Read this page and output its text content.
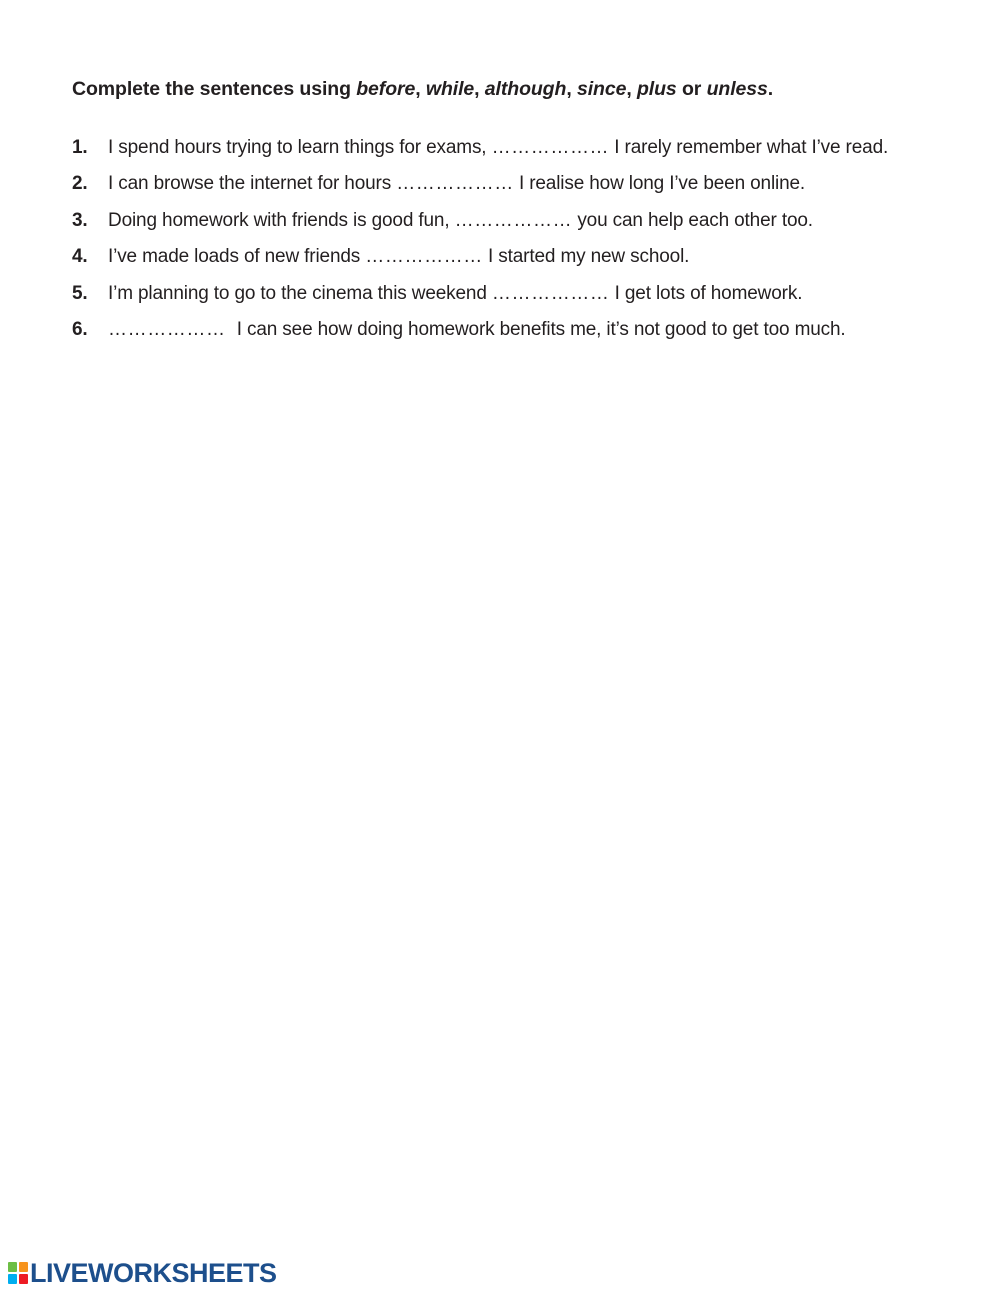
Complete the sentences using before, while, although, since, plus or unless.
1. I spend hours trying to learn things for exams, ……………… I rarely remember what I’ve read.
2. I can browse the internet for hours ……………… I realise how long I’ve been online.
3. Doing homework with friends is good fun, ……………… you can help each other too.
4. I’ve made loads of new friends ……………… I started my new school.
5. I’m planning to go to the cinema this weekend ……………… I get lots of homework.
6. ……………… I can see how doing homework benefits me, it’s not good to get too much.
LIVEWORKSHEETS
